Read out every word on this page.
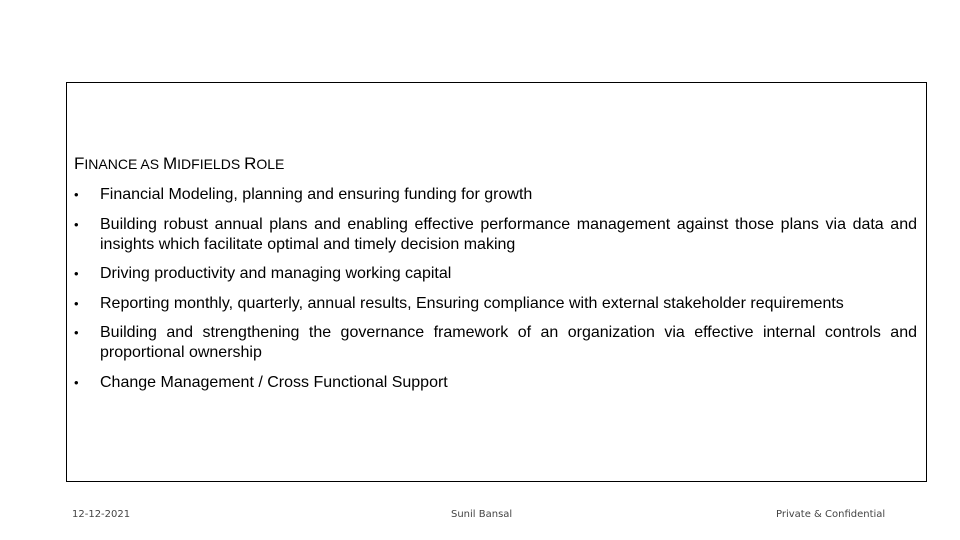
FINANCE AS MIDFIELDS ROLE
• Financial Modeling, planning and ensuring funding for growth
• Building robust annual plans and enabling effective performance management against those plans via data and insights which facilitate optimal and timely decision making
• Driving productivity and managing working capital
• Reporting monthly, quarterly, annual results, Ensuring compliance with external stakeholder requirements
• Building and strengthening the governance framework of an organization via effective internal controls and proportional ownership
• Change Management / Cross Functional Support
12-12-2021	Sunil Bansal	Private & Confidential
